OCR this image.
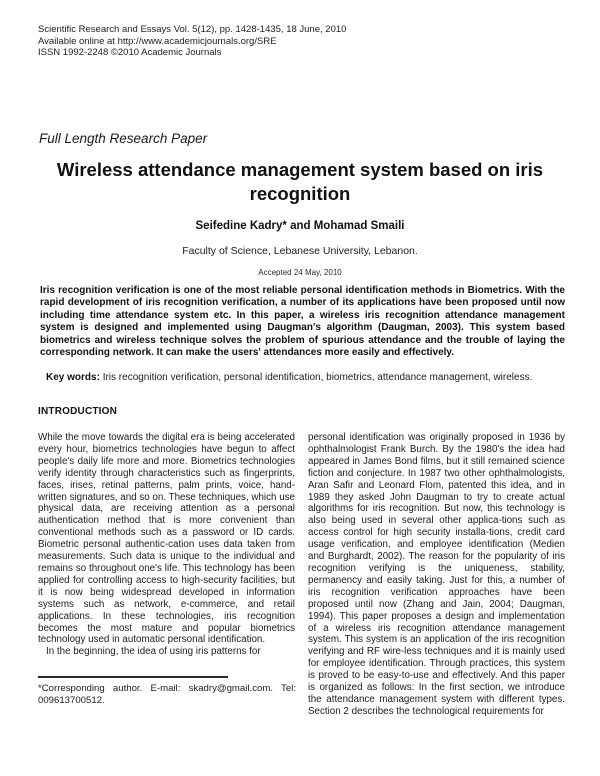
Scientific Research and Essays Vol. 5(12), pp. 1428-1435, 18 June, 2010
Available online at http://www.academicjournals.org/SRE
ISSN 1992-2248 ©2010 Academic Journals
Full Length Research Paper
Wireless attendance management system based on iris recognition
Seifedine Kadry* and Mohamad Smaili
Faculty of Science, Lebanese University, Lebanon.
Accepted 24 May, 2010

Iris recognition verification is one of the most reliable personal identification methods in Biometrics. With the rapid development of iris recognition verification, a number of its applications have been proposed until now including time attendance system etc. In this paper, a wireless iris recognition attendance management system is designed and implemented using Daugman's algorithm (Daugman, 2003). This system based biometrics and wireless technique solves the problem of spurious attendance and the trouble of laying the corresponding network. It can make the users' attendances more easily and effectively.

Key words: Iris recognition verification, personal identification, biometrics, attendance management, wireless.

INTRODUCTION

While the move towards the digital era is being accelerated every hour, biometrics technologies have begun to affect people's daily life more and more. Biometrics technologies verify identity through characteristics such as fingerprints, faces, irises, retinal patterns, palm prints, voice, hand-written signatures, and so on. These techniques, which use physical data, are receiving attention as a personal authentication method that is more convenient than conventional methods such as a password or ID cards. Biometric personal authentic-cation uses data taken from measurements. Such data is unique to the individual and remains so throughout one's life. This technology has been applied for controlling access to high-security facilities, but it is now being widespread developed in information systems such as network, e-commerce, and retail applications. In these technologies, iris recognition becomes the most mature and popular biometrics technology used in automatic personal identification.

In the beginning, the idea of using iris patterns for

personal identification was originally proposed in 1936 by ophthalmologist Frank Burch. By the 1980's the idea had appeared in James Bond films, but it still remained science fiction and conjecture. In 1987 two other ophthalmologists, Aran Safir and Leonard Flom, patented this idea, and in 1989 they asked John Daugman to try to create actual algorithms for iris recognition. But now, this technology is also being used in several other applica-tions such as access control for high security installa-tions, credit card usage verification, and employee identification (Medien and Burghardt, 2002). The reason for the popularity of iris recognition verifying is the uniqueness, stability, permanency and easily taking. Just for this, a number of iris recognition verification approaches have been proposed until now (Zhang and Jain, 2004; Daugman, 1994). This paper proposes a design and implementation of a wireless iris recognition attendance management system. This system is an application of the iris recognition verifying and RF wire-less techniques and it is mainly used for employee identification. Through practices, this system is proved to be easy-to-use and effectively. And this paper is organized as follows: In the first section, we introduce the attendance management system with different types. Section 2 describes the technological requirements for

*Corresponding author. E-mail: skadry@gmail.com. Tel: 009613700512.
